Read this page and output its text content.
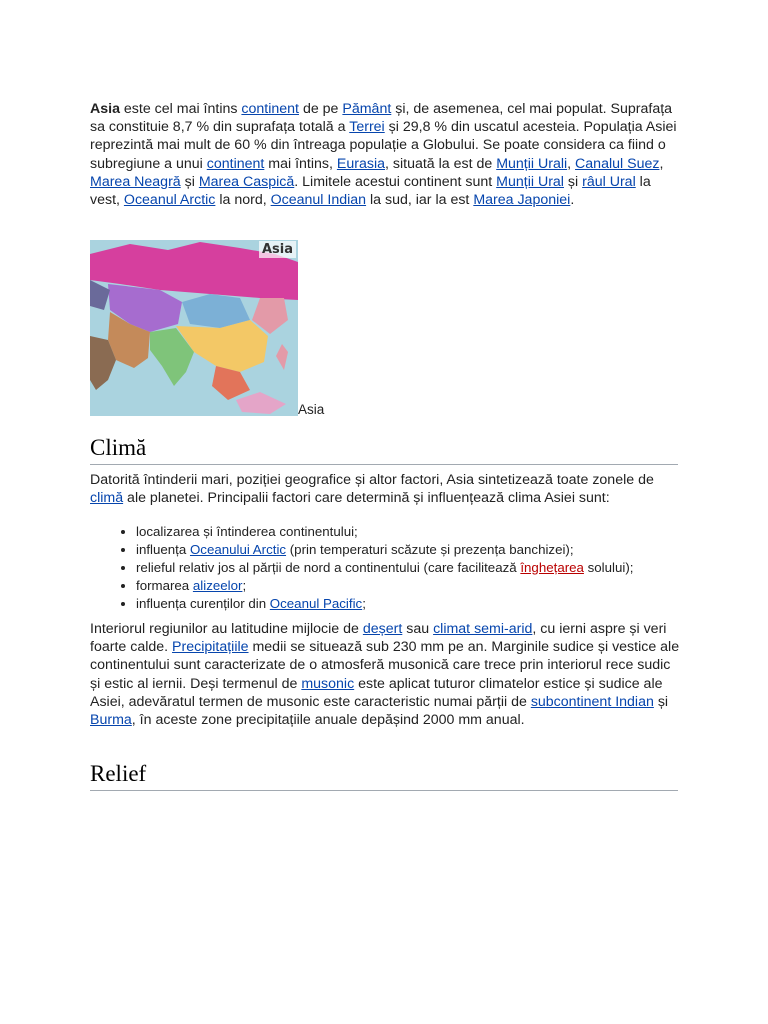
Asia este cel mai întins continent de pe Pământ și, de asemenea, cel mai populat. Suprafața sa constituie 8,7 % din suprafața totală a Terrei și 29,8 % din uscatul acesteia. Populația Asiei reprezintă mai mult de 60 % din întreaga populație a Globului. Se poate considera ca fiind o subregiune a unui continent mai întins, Eurasia, situată la est de Munții Urali, Canalul Suez, Marea Neagră și Marea Caspică. Limitele acestui continent sunt Munții Ural și râul Ural la vest, Oceanul Arctic la nord, Oceanul Indian la sud, iar la est Marea Japoniei.

Asia
Asia
Climă

Datorită întinderii mari, poziției geografice și altor factori, Asia sintetizează toate zonele de climă ale planetei. Principalii factori care determină și influențează clima Asiei sunt:

• localizarea și întinderea continentului;
• influența Oceanului Arctic (prin temperaturi scăzute și prezența banchizei);
• relieful relativ jos al părții de nord a continentului (care facilitează înghețarea solului);
• formarea alizeelor;
• influența curenților din Oceanul Pacific;

Interiorul regiunilor au latitudine mijlocie de deșert sau climat semi-arid, cu ierni aspre și veri foarte calde. Precipitațiile medii se situează sub 230 mm pe an. Marginile sudice și vestice ale continentului sunt caracterizate de o atmosferă musonică care trece prin interiorul rece sudic și estic al iernii. Deși termenul de musonic este aplicat tuturor climatelor estice și sudice ale Asiei, adevăratul termen de musonic este caracteristic numai părții de subcontinent Indian și Burma, în aceste zone precipitațiile anuale depășind 2000 mm anual.

Relief
